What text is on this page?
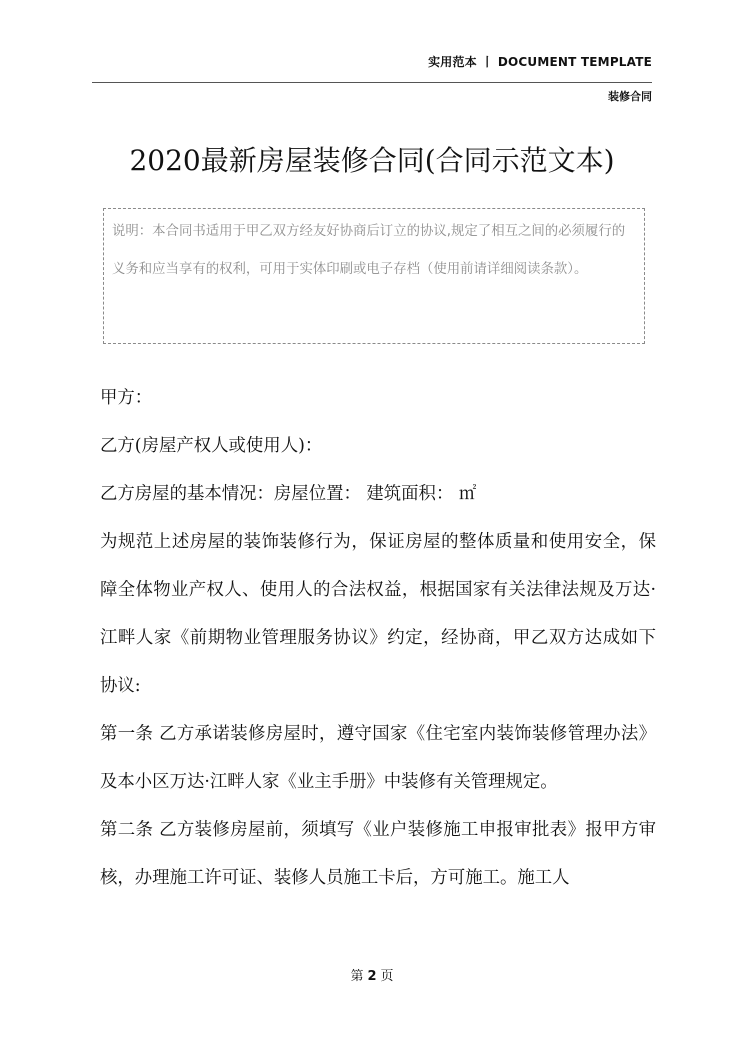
实用范本 丨 DOCUMENT TEMPLATE
装修合同
2020最新房屋装修合同(合同示范文本)
说明：本合同书适用于甲乙双方经友好协商后订立的协议,规定了相互之间的必须履行的义务和应当享有的权利，可用于实体印刷或电子存档（使用前请详细阅读条款）。

甲方：

乙方(房屋产权人或使用人)：

乙方房屋的基本情况：房屋位置： 建筑面积： ㎡

为规范上述房屋的装饰装修行为，保证房屋的整体质量和使用安全，保障全体物业产权人、使用人的合法权益，根据国家有关法律法规及万达·江畔人家《前期物业管理服务协议》约定，经协商，甲乙双方达成如下协议:

第一条 乙方承诺装修房屋时，遵守国家《住宅室内装饰装修管理办法》及本小区万达·江畔人家《业主手册》中装修有关管理规定。

第二条 乙方装修房屋前，须填写《业户装修施工申报审批表》报甲方审核，办理施工许可证、装修人员施工卡后，方可施工。施工人

第 2 页
